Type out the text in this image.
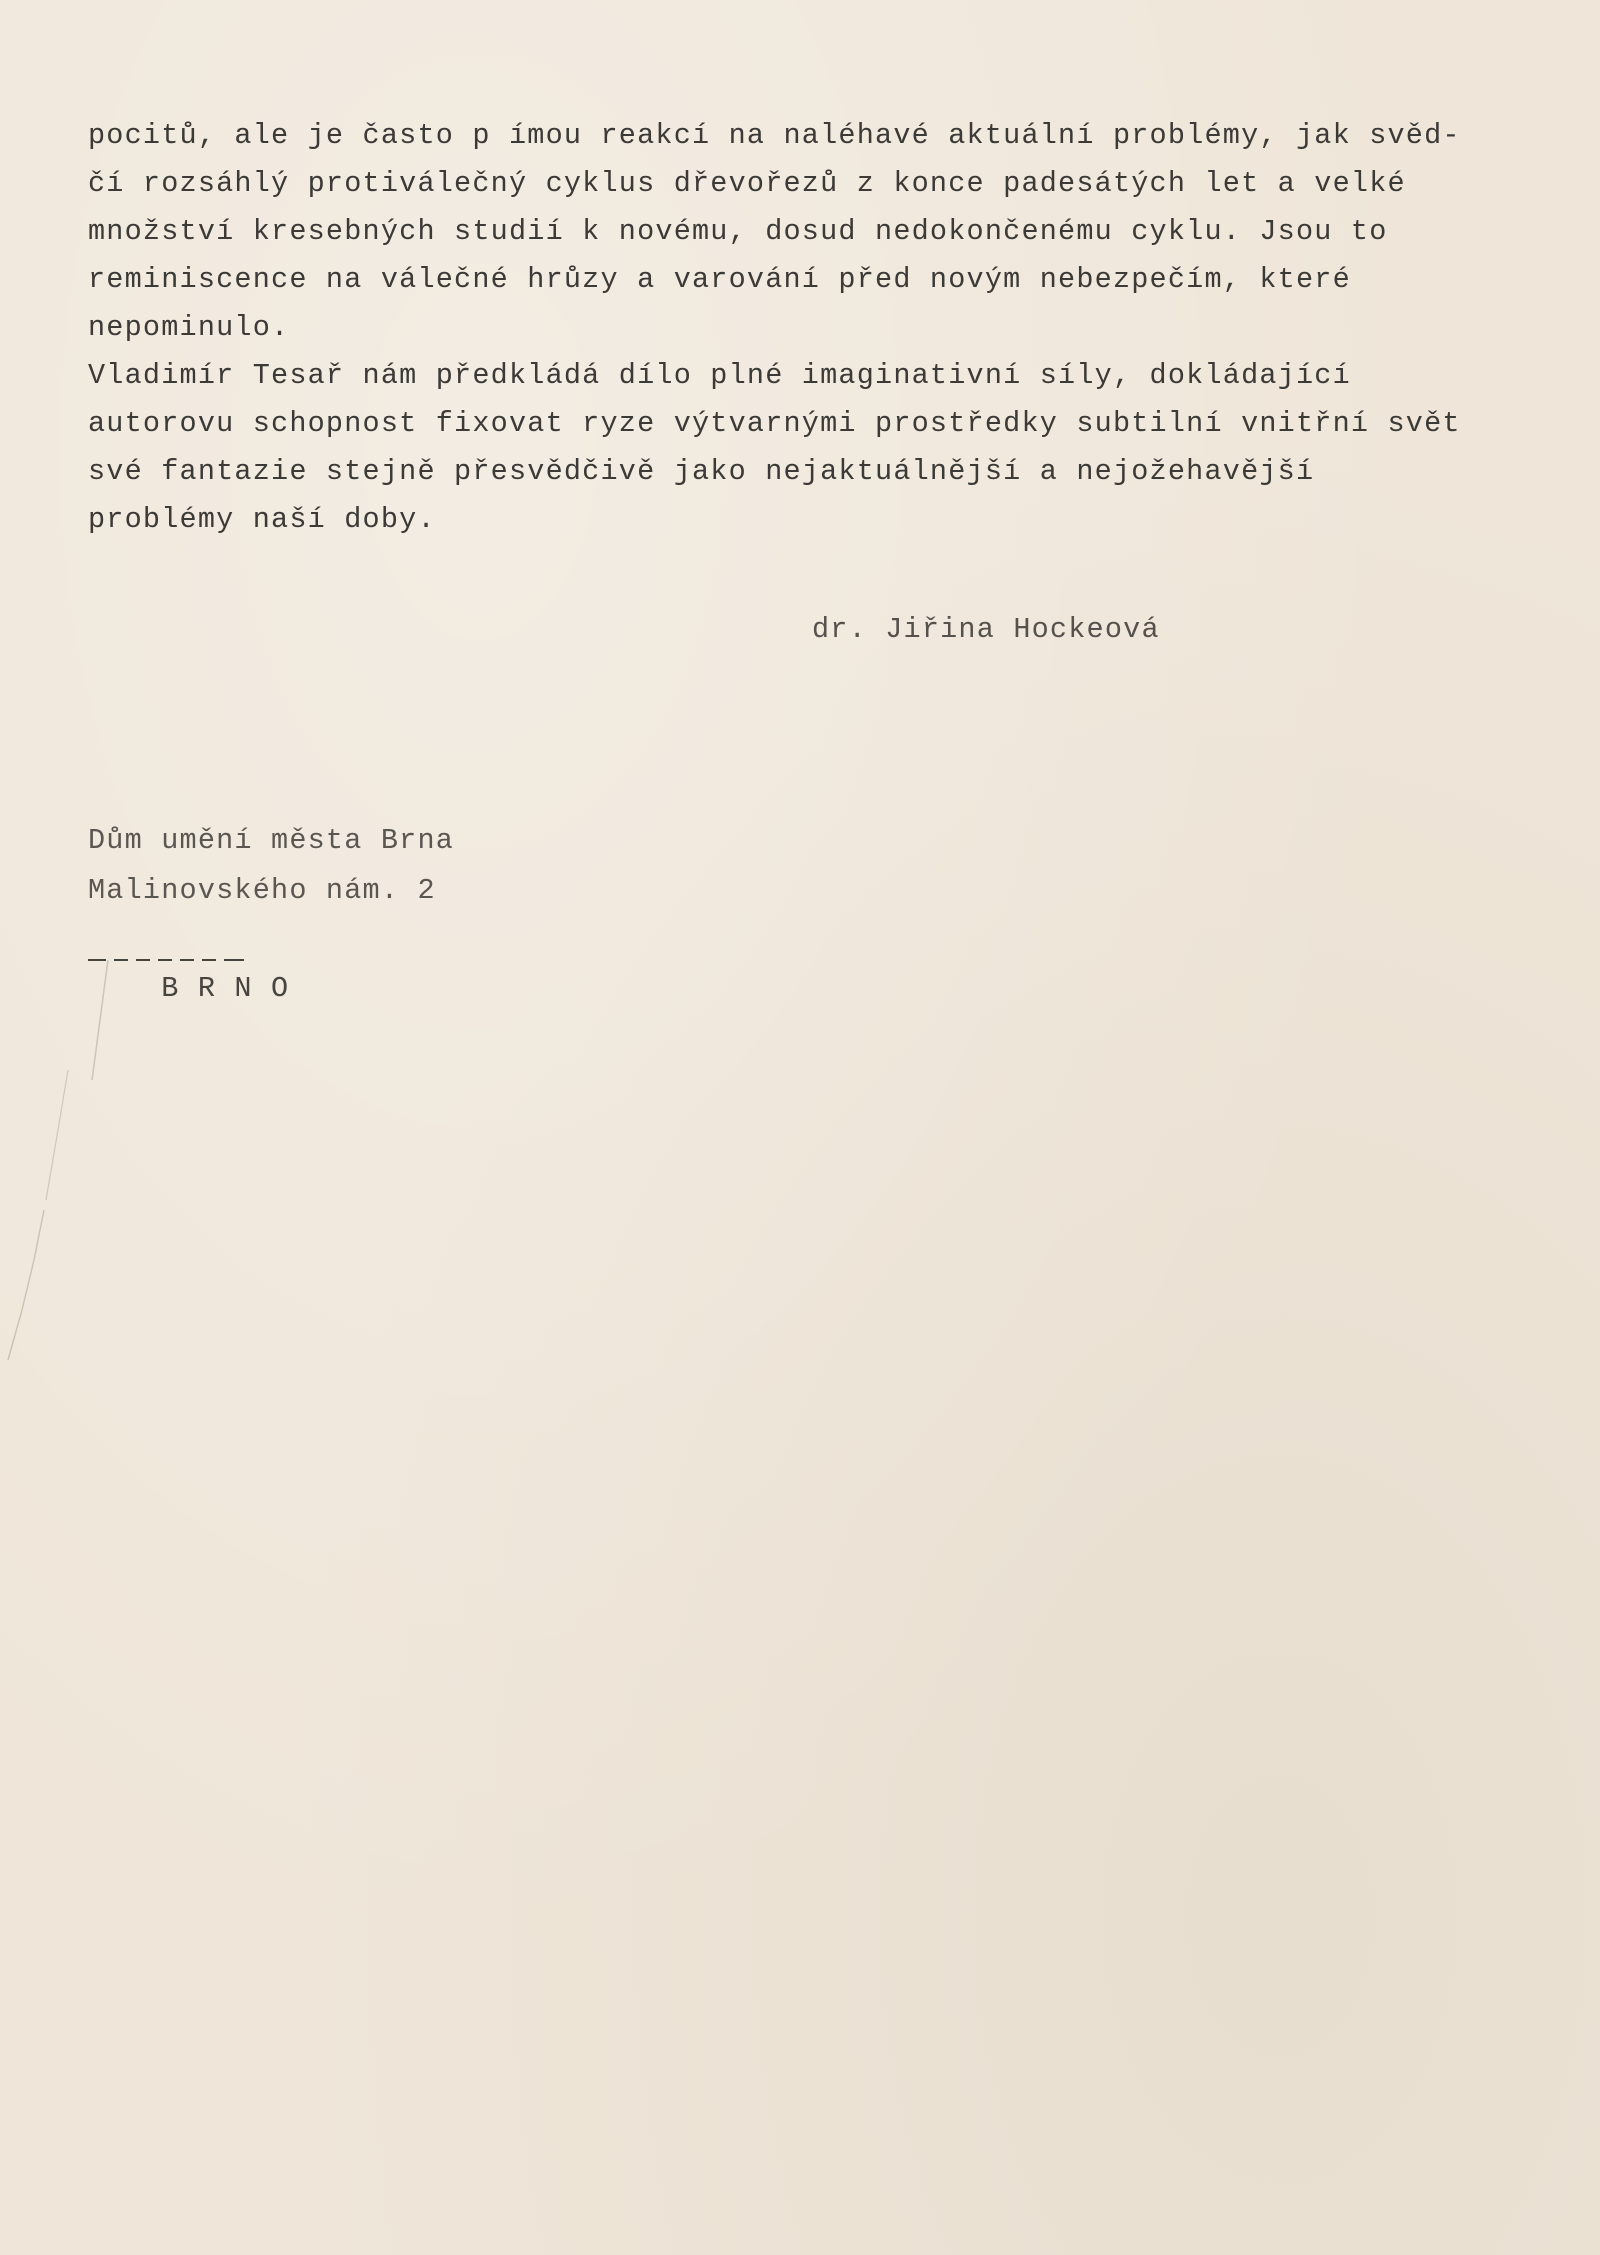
pocitů, ale je často p ímou reakcí na naléhavé aktuální problémy, jak svěd-
čí rozsáhlý protiválečný cyklus dřevořezů z konce padesátých let a velké
množství kresebných studií k novému, dosud nedokončenému cyklu. Jsou to
reminiscence na válečné hrůzy a varování před novým nebezpečím, které
nepominulo.
Vladimír Tesař nám předkládá dílo plné imaginativní síly, dokládající
autorovu schopnost fixovat ryze výtvarnými prostředky subtilní vnitřní svět
své fantazie stejně přesvědčivě jako nejaktuálnější a nejožehavější
problémy naší doby.
dr. Jiřina Hockeová
Dům umění města Brna
Malinovského nám. 2

B R N O
